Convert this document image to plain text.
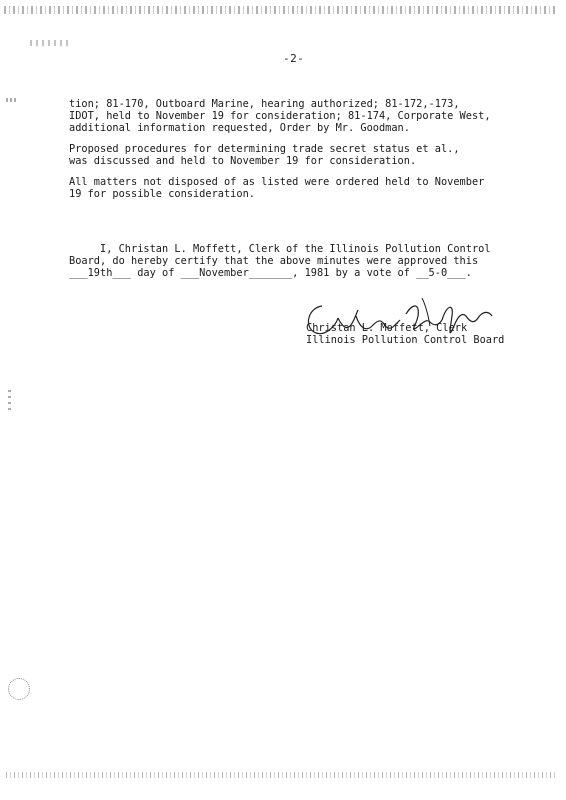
-2-
tion; 81-170, Outboard Marine, hearing authorized; 81-172,-173,
IDOT, held to November 19 for consideration; 81-174, Corporate West,
additional information requested, Order by Mr. Goodman.
Proposed procedures for determining trade secret status et al.,
was discussed and held to November 19 for consideration.
All matters not disposed of as listed were ordered held to November
19 for possible consideration.
I, Christan L. Moffett, Clerk of the Illinois Pollution Control
Board, do hereby certify that the above minutes were approved this
___19th___ day of ___November_______, 1981 by a vote of __5-0___.
Christan L. Moffett, Clerk
Illinois Pollution Control Board
